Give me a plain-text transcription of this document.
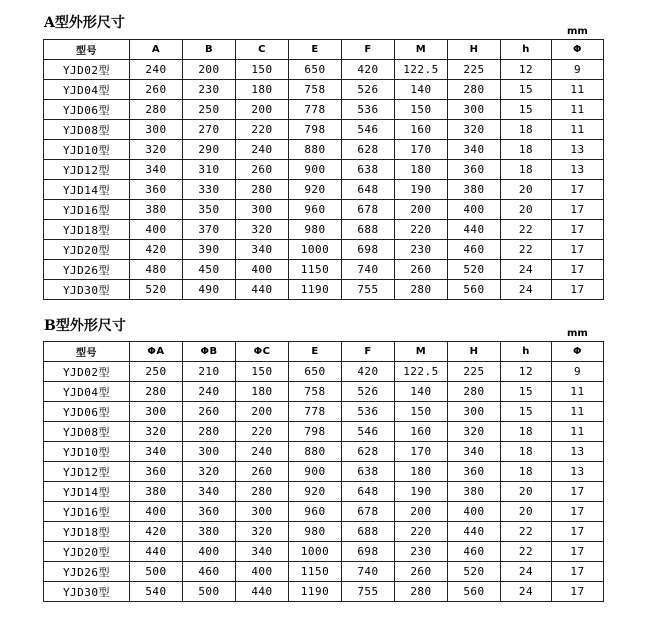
A型外形尺寸
mm
型号	A	B	C	E	F	M	H	h	Φ
YJD02型	240	200	150	650	420	122.5	225	12	9
YJD04型	260	230	180	758	526	140	280	15	11
YJD06型	280	250	200	778	536	150	300	15	11
YJD08型	300	270	220	798	546	160	320	18	11
YJD10型	320	290	240	880	628	170	340	18	13
YJD12型	340	310	260	900	638	180	360	18	13
YJD14型	360	330	280	920	648	190	380	20	17
YJD16型	380	350	300	960	678	200	400	20	17
YJD18型	400	370	320	980	688	220	440	22	17
YJD20型	420	390	340	1000	698	230	460	22	17
YJD26型	480	450	400	1150	740	260	520	24	17
YJD30型	520	490	440	1190	755	280	560	24	17
B型外形尺寸	mm
型号	ΦA	ΦB	ΦC	E	F	M	H	h	Φ
YJD02型	250	210	150	650	420	122.5	225	12	9
YJD04型	280	240	180	758	526	140	280	15	11
YJD06型	300	260	200	778	536	150	300	15	11
YJD08型	320	280	220	798	546	160	320	18	11
YJD10型	340	300	240	880	628	170	340	18	13
YJD12型	360	320	260	900	638	180	360	18	13
YJD14型	380	340	280	920	648	190	380	20	17
YJD16型	400	360	300	960	678	200	400	20	17
YJD18型	420	380	320	980	688	220	440	22	17
YJD20型	440	400	340	1000	698	230	460	22	17
YJD26型	500	460	400	1150	740	260	520	24	17
YJD30型	540	500	440	1190	755	280	560	24	17
